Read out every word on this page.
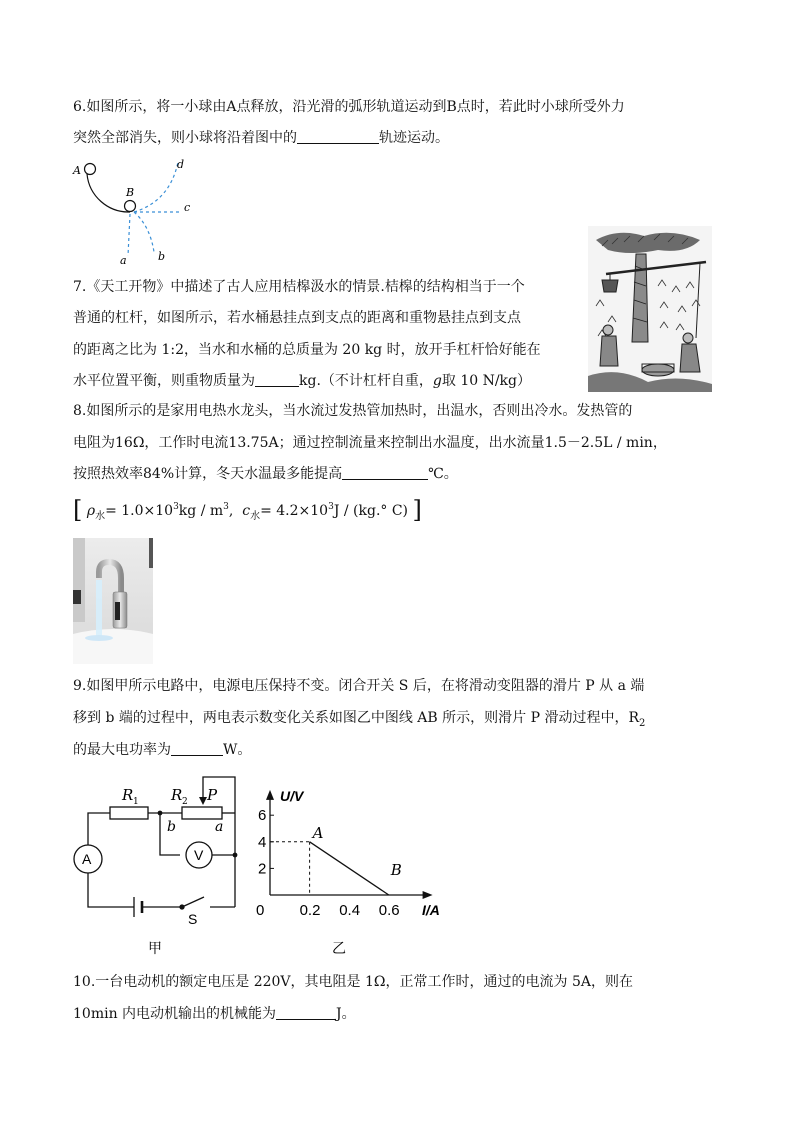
6.如图所示，将一小球由A点释放，沿光滑的弧形轨道运动到B点时，若此时小球所受外力
突然全部消失，则小球将沿着图中的	轨迹运动。
A
B
d
c
b
a
7.《天工开物》中描述了古人应用桔槔汲水的情景.桔槔的结构相当于一个
普通的杠杆，如图所示，若水桶悬挂点到支点的距离和重物悬挂点到支点
的距离之比为 1:2，当水和水桶的总质量为 20 kg 时，放开手杠杆恰好能在
水平位置平衡，则重物质量为	kg.（不计杠杆自重，g取 10 N/kg）
8.如图所示的是家用电热水龙头，当水流过发热管加热时，出温水，否则出冷水。发热管的
电阻为16Ω，工作时电流13.75A；通过控制流量来控制出水温度，出水流量1.5－2.5L / min，
按照热效率84%计算，冬天水温最多能提高	℃。
[ $\rho_水= 1.0\times 10^3kg / m^3$,  $c_水= 4.2\times 10^3J / (kg.^\circ$ C) ]
9.如图甲所示电路中，电源电压保持不变。闭合开关 S 后，在将滑动变阻器的滑片 P 从 a 端
移到 b 端的过程中，两电表示数变化关系如图乙中图线 AB 所示，则滑片 P 滑动过程中，$R_2$
的最大电功率为	W。
R 1 R 2 P
b	a
A	V
S
甲
6
4
2
0 0.2 0.4 0.6
A
B
U/V
I/A
乙
10.一台电动机的额定电压是 220V，其电阻是 1Ω，正常工作时，通过的电流为 5A，则在
10min 内电动机输出的机械能为	J。
